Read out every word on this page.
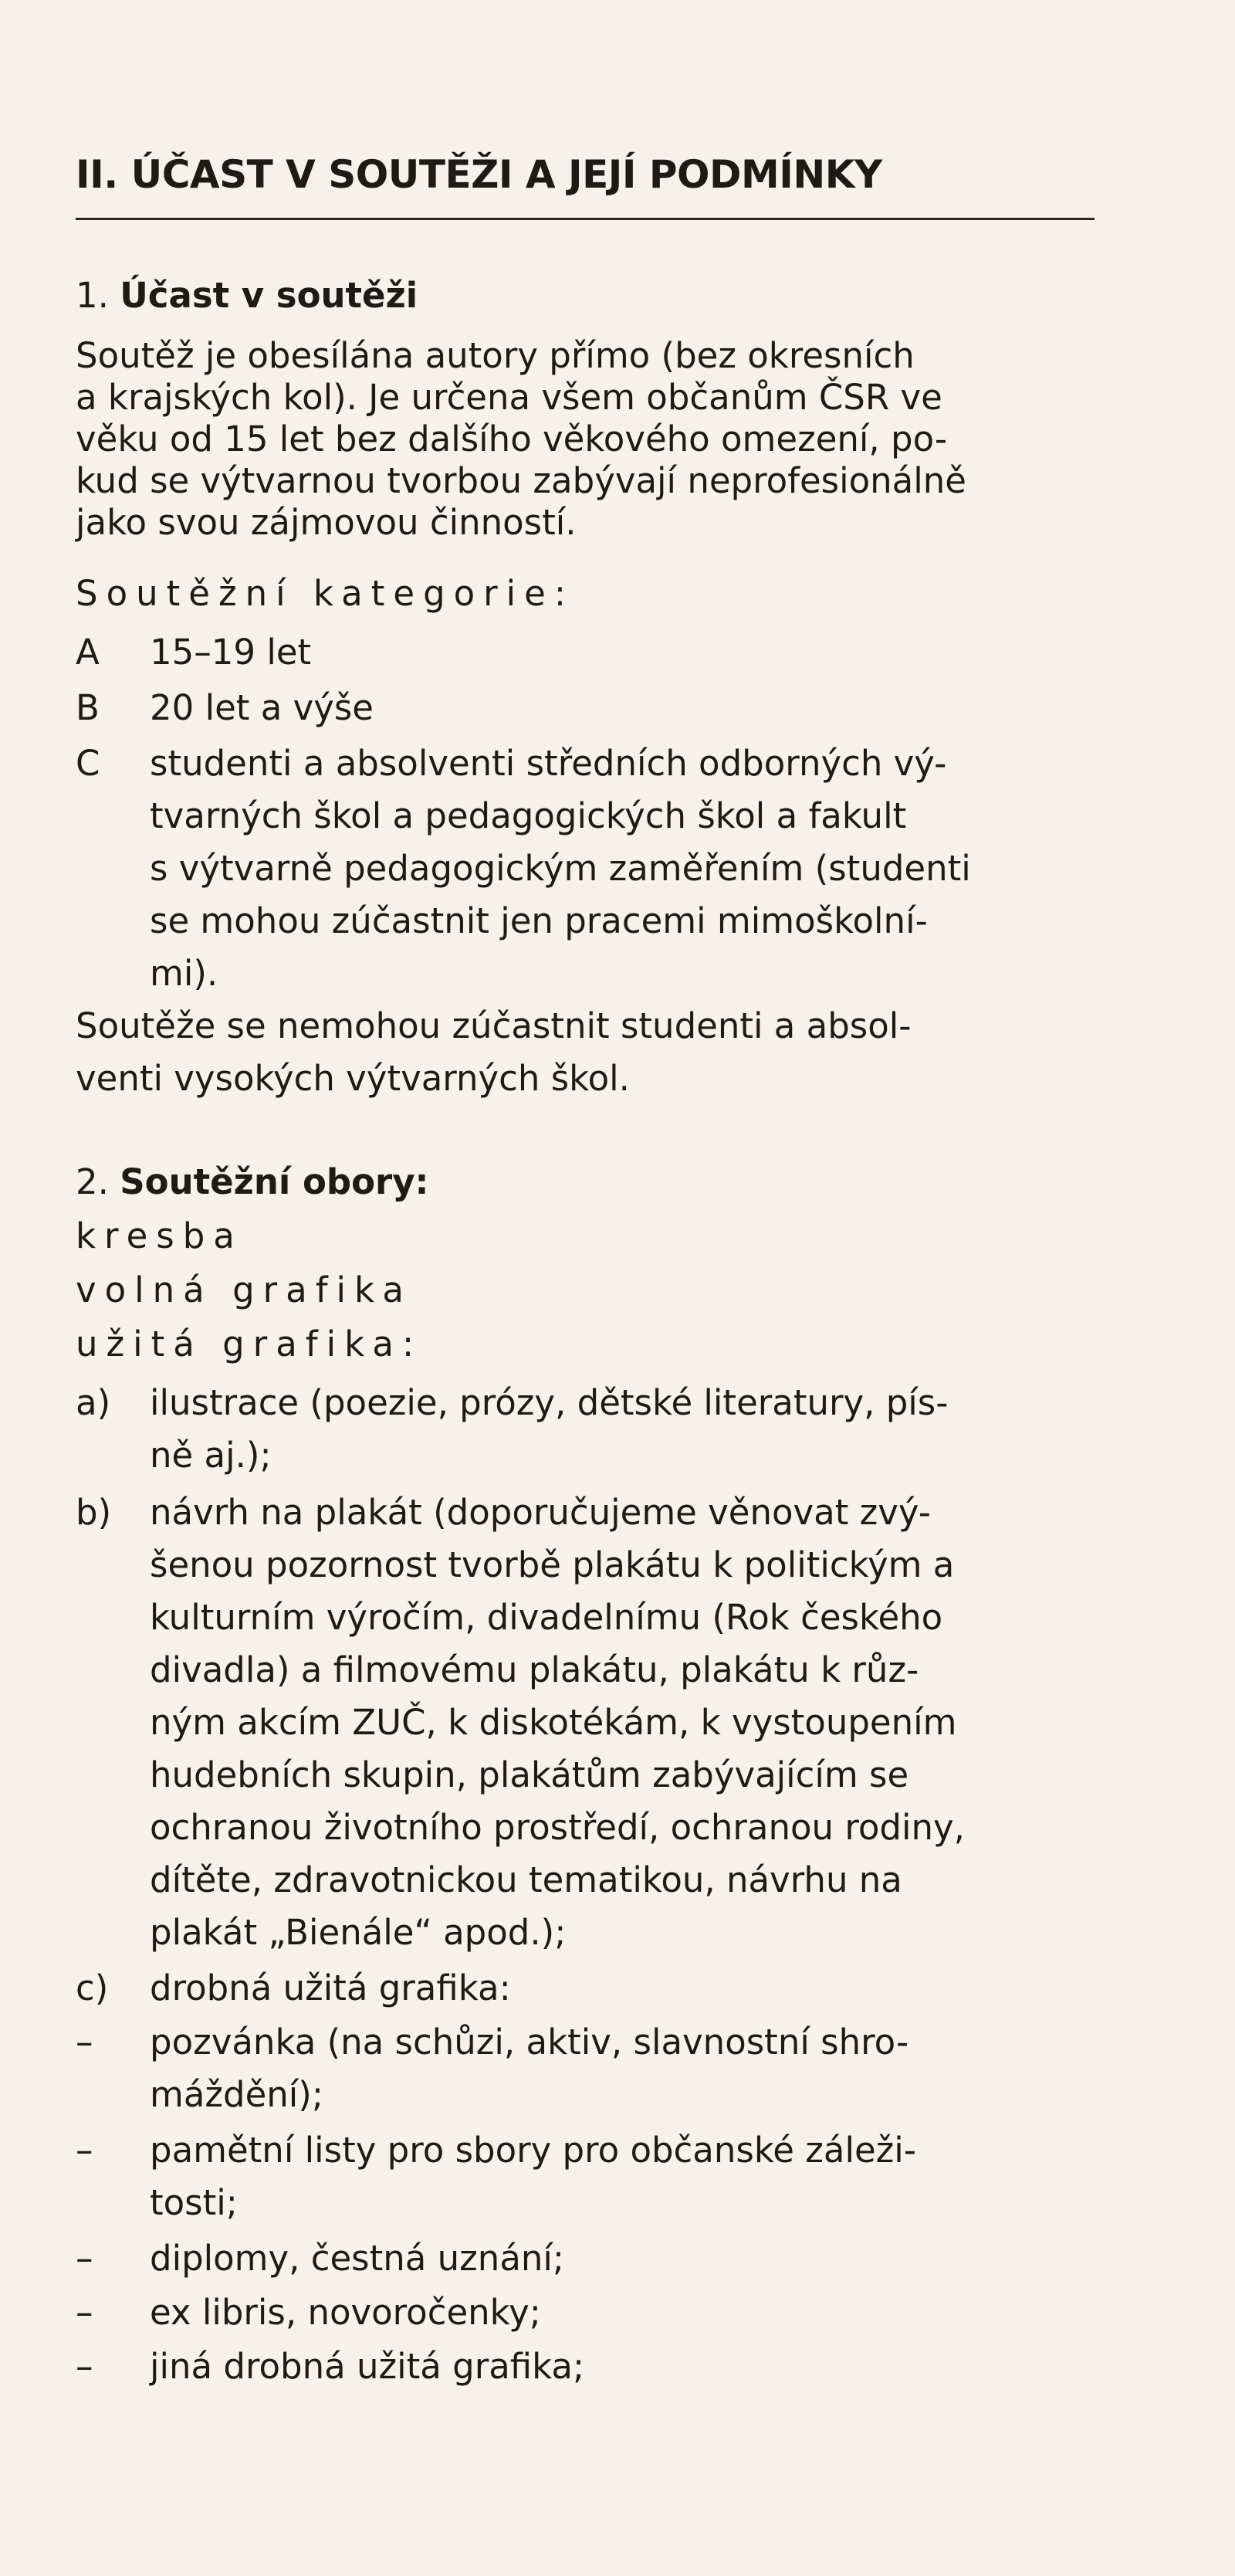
II. ÚČAST V SOUTĚŽI A JEJÍ PODMÍNKY
1. Účast v soutěži
Soutěž je obesílána autory přímo (bez okresních
a krajských kol). Je určena všem občanům ČSR ve
věku od 15 let bez dalšího věkového omezení, po-
kud se výtvarnou tvorbou zabývají neprofesionálně
jako svou zájmovou činností.
Soutěžní kategorie:
A 15–19 let
B 20 let a výše
C studenti a absolventi středních odborných vý-
tvarných škol a pedagogických škol a fakult
s výtvarně pedagogickým zaměřením (studenti
se mohou zúčastnit jen pracemi mimoškolní-
mi).
Soutěže se nemohou zúčastnit studenti a absol-
venti vysokých výtvarných škol.
2. Soutěžní obory:
kresba
volná grafika
užitá grafika:
a) ilustrace (poezie, prózy, dětské literatury, pís-
ně aj.);
b) návrh na plakát (doporučujeme věnovat zvý-
šenou pozornost tvorbě plakátu k politickým a
kulturním výročím, divadelnímu (Rok českého
divadla) a filmovému plakátu, plakátu k růz-
ným akcím ZUČ, k diskotékám, k vystoupením
hudebních skupin, plakátům zabývajícím se
ochranou životního prostředí, ochranou rodiny,
dítěte, zdravotnickou tematikou, návrhu na
plakát „Bienále“ apod.);
c) drobná užitá grafika:
– pozvánka (na schůzi, aktiv, slavnostní shro-
máždění);
– pamětní listy pro sbory pro občanské záleži-
tosti;
– diplomy, čestná uznání;
– ex libris, novoročenky;
– jiná drobná užitá grafika;
